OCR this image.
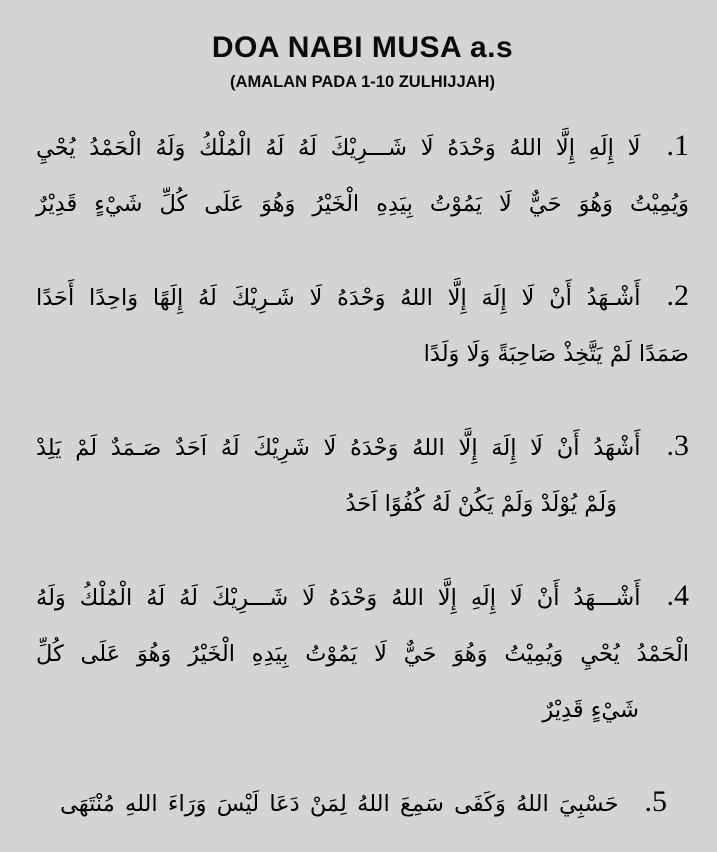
DOA NABI MUSA a.s
(AMALAN PADA 1-10 ZULHIJJAH)
1.لَا إِلَهِ إِلَّا اللهُ وَحْدَهُ لَا شَـــرِيْكَ لَهُ لَهُ الْمُلْكُ وَلَهُ الْحَمْدُ يُحْيِ
وَيُمِيْتُ وَهُوَ حَيٌّ لَا يَمُوْتُ بِيَدِهِ الْخَيْرُ وَهُوَ عَلَى كُلِّ شَيْءٍ قَدِيْرٌ
2.أَشْـهَدُ أَنْ لَا إِلَهَ إِلَّا اللهُ وَحْدَهُ لَا شَـرِيْكَ لَهُ إِلَهًا وَاحِدًا أَحَدًا
صَمَدًا لَمْ يَتَّخِذْ صَاحِبَةً وَلَا وَلَدًا
3.أَشْهَدُ أَنْ لَا إِلَهَ إِلَّا اللهُ وَحْدَهُ لَا شَرِيْكَ لَهُ اَحَدٌ صَـمَدٌ لَمْ يَلِدْ
وَلَمْ يُوْلَدْ وَلَمْ يَكُنْ لَهُ كُفُوًا اَحَدُ
4.أَشْـــهَدُ أَنْ لَا إِلَهِ إِلَّا اللهُ وَحْدَهُ لَا شَـــرِيْكَ لَهُ لَهُ الْمُلْكُ وَلَهُ
الْحَمْدُ يُحْيِ وَيُمِيْتُ وَهُوَ حَيٌّ لَا يَمُوْتُ بِيَدِهِ الْخَيْرُ وَهُوَ عَلَى كُلِّ
شَيْءٍ قَدِيْرٌ
5.حَسْبِيَ اللهُ وَكَفَى سَمِعَ اللهُ لِمَنْ دَعَا لَيْسَ وَرَاءَ اللهِ مُنْتَهَى
